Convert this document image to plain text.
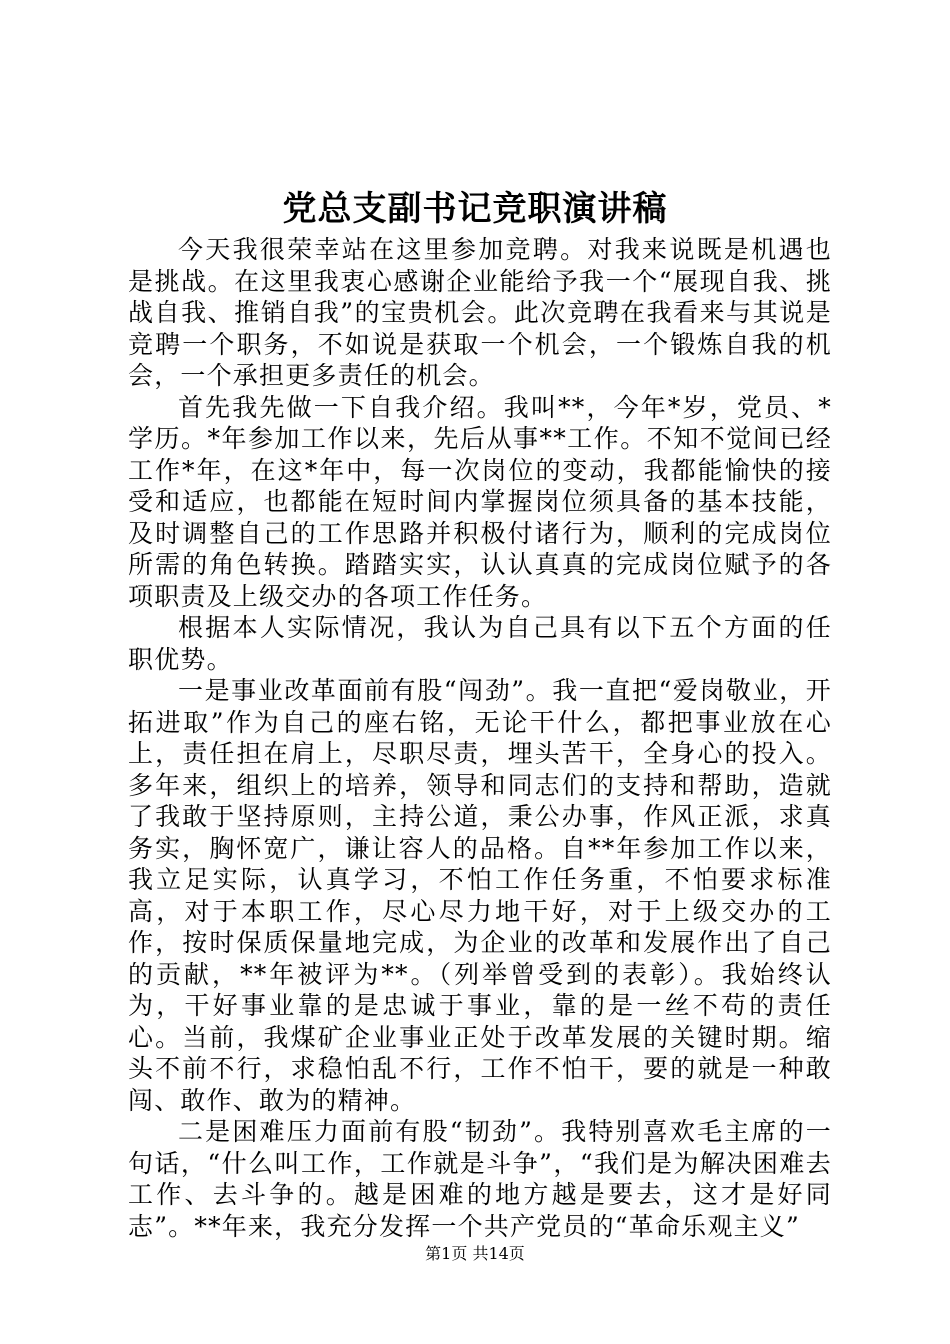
党总支副书记竞职演讲稿

今天我很荣幸站在这里参加竞聘。对我来说既是机遇也是挑战。在这里我衷心感谢企业能给予我一个“展现自我、挑战自我、推销自我”的宝贵机会。此次竞聘在我看来与其说是竞聘一个职务，不如说是获取一个机会，一个锻炼自我的机会，一个承担更多责任的机会。

首先我先做一下自我介绍。我叫**，今年*岁，党员、*学历。*年参加工作以来，先后从事**工作。不知不觉间已经工作*年，在这*年中，每一次岗位的变动，我都能愉快的接受和适应，也都能在短时间内掌握岗位须具备的基本技能，及时调整自己的工作思路并积极付诸行为，顺利的完成岗位所需的角色转换。踏踏实实，认认真真的完成岗位赋予的各项职责及上级交办的各项工作任务。

根据本人实际情况，我认为自己具有以下五个方面的任职优势。

一是事业改革面前有股“闯劲”。我一直把“爱岗敬业，开拓进取”作为自己的座右铭，无论干什么，都把事业放在心上，责任担在肩上，尽职尽责，埋头苦干，全身心的投入。多年来，组织上的培养，领导和同志们的支持和帮助，造就了我敢于坚持原则，主持公道，秉公办事，作风正派，求真务实，胸怀宽广，谦让容人的品格。自**年参加工作以来，我立足实际，认真学习，不怕工作任务重，不怕要求标准高，对于本职工作，尽心尽力地干好，对于上级交办的工作，按时保质保量地完成，为企业的改革和发展作出了自己的贡献，**年被评为**。（列举曾受到的表彰）。我始终认为，干好事业靠的是忠诚于事业，靠的是一丝不苟的责任心。当前，我煤矿企业事业正处于改革发展的关键时期。缩头不前不行，求稳怕乱不行，工作不怕干，要的就是一种敢闯、敢作、敢为的精神。

二是困难压力面前有股“韧劲”。我特别喜欢毛主席的一句话，“什么叫工作，工作就是斗争”，“我们是为解决困难去工作、去斗争的。越是困难的地方越是要去，这才是好同志”。**年来，我充分发挥一个共产党员的“革命乐观主义”

第1页 共14页
